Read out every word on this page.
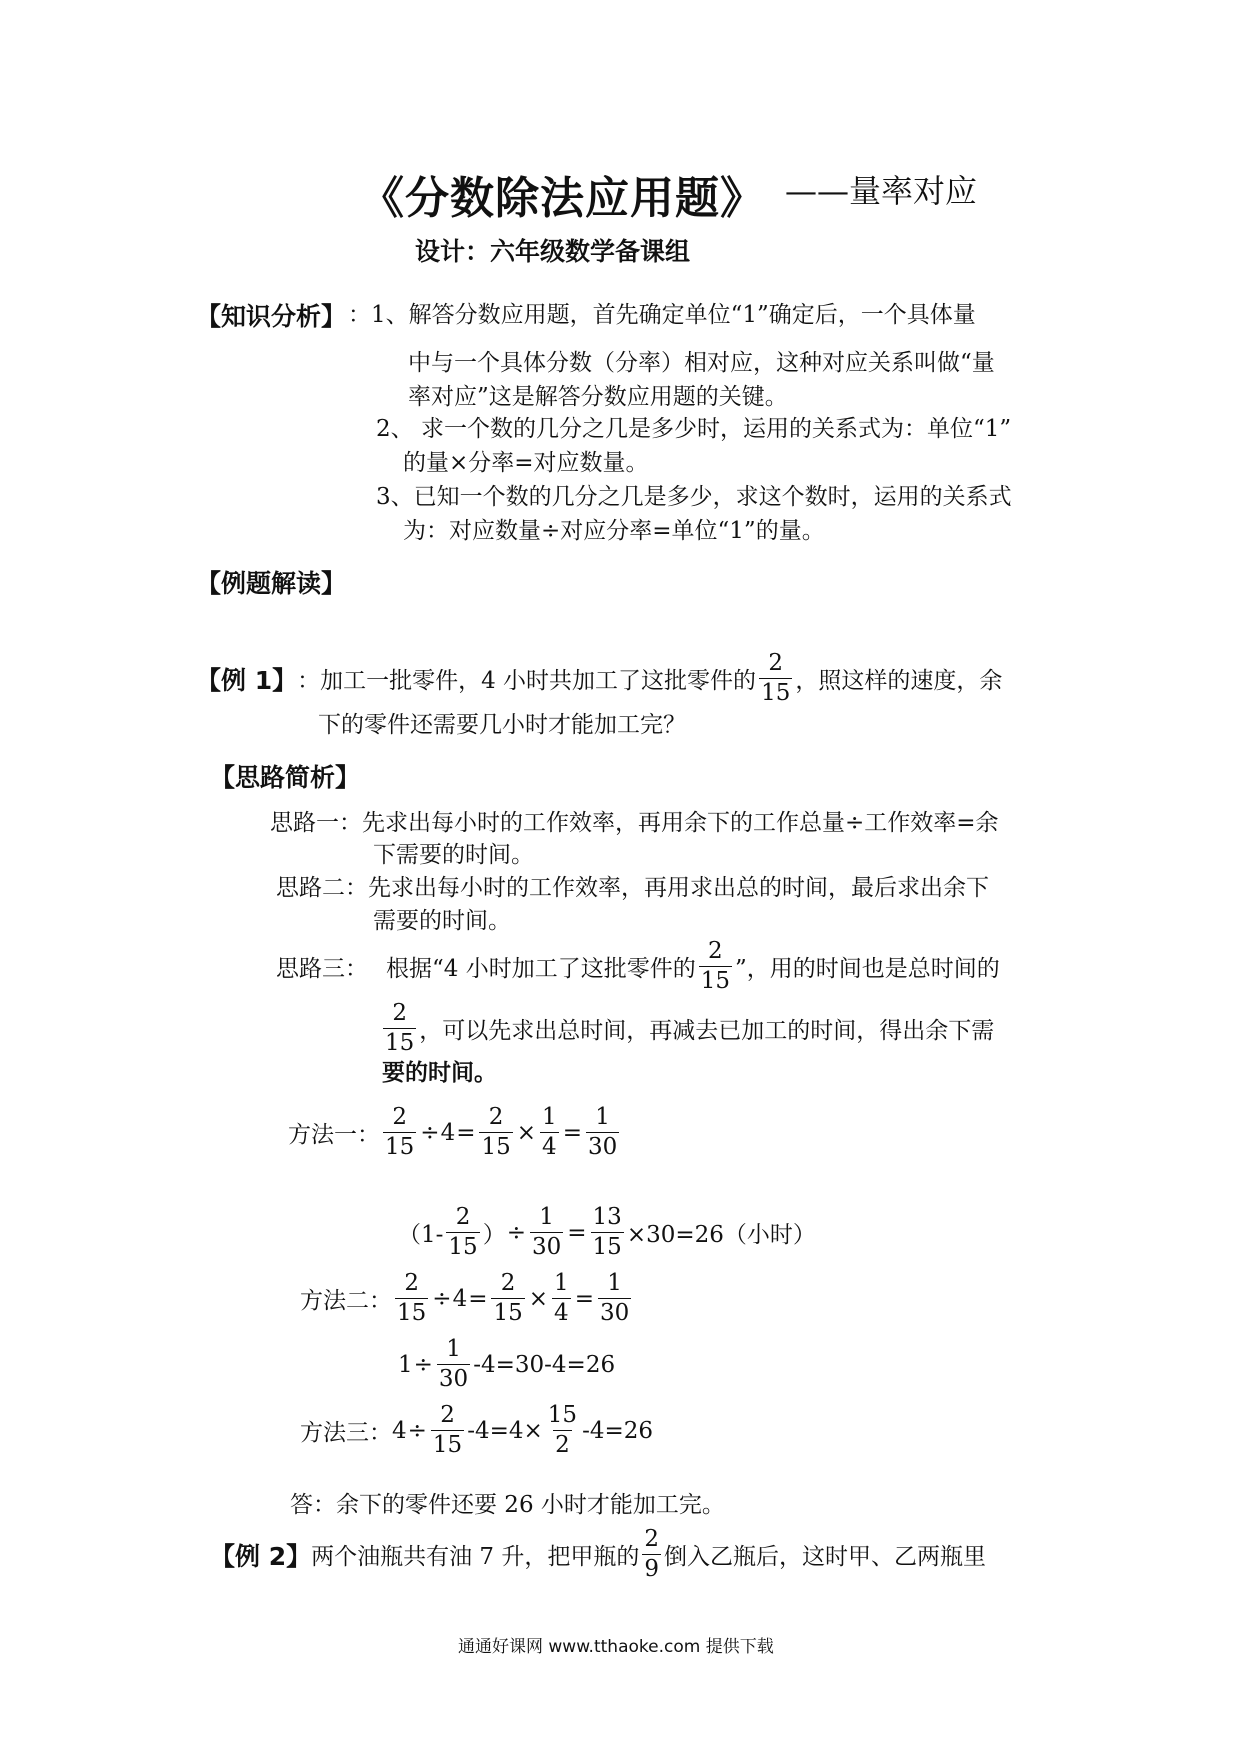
《分数除法应用题》 ——量率对应
设计：六年级数学备课组
【知识分析】 ：1、解答分数应用题，首先确定单位“1”确定后，一个具体量
中与一个具体分数（分率）相对应，这种对应关系叫做“量
率对应”这是解答分数应用题的关键。
2、 求一个数的几分之几是多少时，运用的关系式为：单位“1”
的量×分率=对应数量。
3、已知一个数的几分之几是多少，求这个数时，运用的关系式
为：对应数量÷对应分率=单位“1”的量。
【例题解读】
【例 1】 ：加工一批零件，4 小时共加工了这批零件的 $\frac{2}{15}$ ，照这样的速度，余
下的零件还需要几小时才能加工完？
【思路简析】
思路一：先求出每小时的工作效率，再用余下的工作总量÷工作效率=余
下需要的时间。
思路二：先求出每小时的工作效率，再用求出总的时间，最后求出余下
需要的时间。
思路三： 根据“4 小时加工了这批零件的 $\frac{2}{15}$ ”，用的时间也是总时间的
$\frac{2}{15}$ ，可以先求出总时间，再减去已加工的时间，得出余下需
要的时间。
方法一： $\frac{2}{15} \div 4 = \frac{2}{15} \times \frac{1}{4} = \frac{1}{30}$
（$1- \frac{2}{15}$ ） ÷ $\frac{1}{30} = \frac{13}{15} \times 30=26$（小时）
方法二： $\frac{2}{15} \div 4 = \frac{2}{15} \times \frac{1}{4} = \frac{1}{30}$
$1 \div \frac{1}{30} -4=30-4=26$
方法三： $4 \div \frac{2}{15} -4=4\times \frac{15}{2} -4=26$
答：余下的零件还要 26 小时才能加工完。
【例 2】 两个油瓶共有油 7 升，把甲瓶的 $\frac{2}{9}$ 倒入乙瓶后，这时甲、乙两瓶里
通通好课网 www.tthaoke.com 提供下载
